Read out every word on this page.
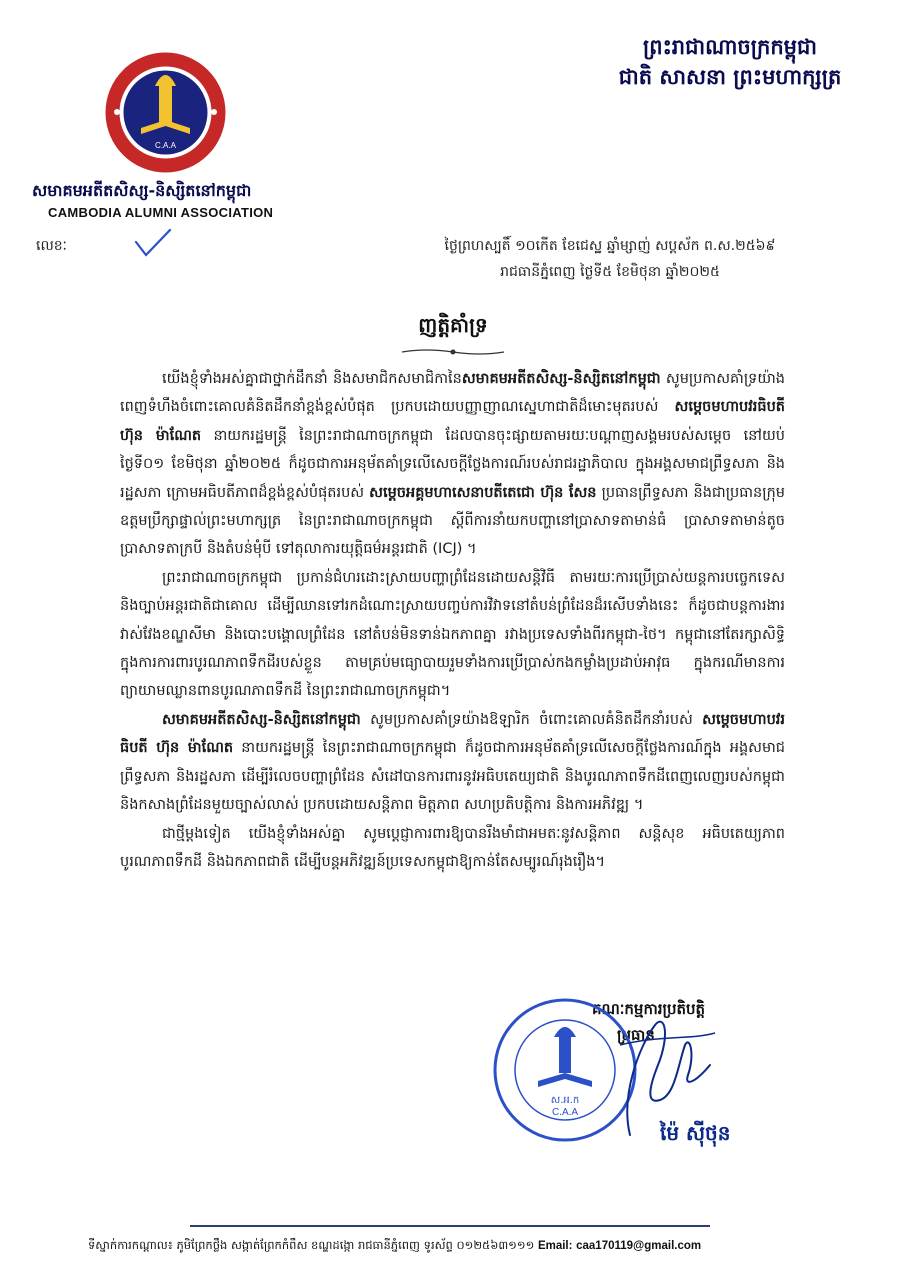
ព្រះរាជាណាចក្រកម្ពុជា
ជាតិ សាសនា ព្រះមហាក្សត្រ
C.A.A
សមាគមអតីតសិស្ស-និស្សិតនៅកម្ពុជា
CAMBODIA ALUMNI ASSOCIATION
លេខៈ	ថ្ងៃព្រហស្បតិ៍ ១០កើត ខែជេស្ឋ ឆ្នាំម្សាញ់ សប្តស័ក ព.ស.២៥៦៩
រាជធានីភ្នំពេញ ថ្ងៃទី៥ ខែមិថុនា ឆ្នាំ២០២៥
ញត្តិគាំទ្រ

យើងខ្ញុំទាំងអស់គ្នាជាថ្នាក់ដឹកនាំ និងសមាជិកសមាជិកានៃសមាគមអតីតសិស្ស-និស្សិតនៅកម្ពុជា សូមប្រកាសគាំទ្រយ៉ាងពេញទំហឹងចំពោះគោលគំនិតដឹកនាំខ្ពង់ខ្ពស់បំផុត ប្រកបដោយបញ្ញាញាណស្នេហាជាតិដ៏មោះមុតរបស់ សម្តេចមហាបវរធិបតី ហ៊ុន ម៉ាណែត នាយករដ្ឋមន្ត្រី នៃព្រះរាជាណាចក្រកម្ពុជា ដែលបានចុះផ្សាយតាមរយៈបណ្តាញសង្គមរបស់សម្តេច នៅយប់ថ្ងៃទី០១ ខែមិថុនា ឆ្នាំ២០២៥ ក៏ដូចជាការអនុម័តគាំទ្រលើសេចក្តីថ្លែងការណ៍របស់រាជរដ្ឋាភិបាល ក្នុងអង្គសមាជព្រឹទ្ធសភា និងរដ្ឋសភា ក្រោមអធិបតីភាពដ៏ខ្ពង់ខ្ពស់បំផុតរបស់ សម្តេចអគ្គមហាសេនាបតីតេជោ ហ៊ុន សែន ប្រធានព្រឹទ្ធសភា និងជាប្រធានក្រុមឧត្តមប្រឹក្សាផ្ទាល់ព្រះមហាក្សត្រ នៃព្រះរាជាណាចក្រកម្ពុជា ស្តីពីការនាំយកបញ្ហានៅប្រាសាទតាមាន់ធំ ប្រាសាទតាមាន់តូច ប្រាសាទតាក្របី និងតំបន់មុំបី ទៅតុលាការយុត្តិធម៌អន្តរជាតិ (ICJ) ។

ព្រះរាជាណាចក្រកម្ពុជា ប្រកាន់ជំហរដោះស្រាយបញ្ហាព្រំដែនដោយសន្តិវិធី តាមរយៈការប្រើប្រាស់យន្តការបច្ចេកទេស និងច្បាប់អន្តរជាតិជាគោល ដើម្បីឈានទៅរកដំណោះស្រាយបញ្ចប់ការវិវាទនៅតំបន់ព្រំដែនដ៏រសើបទាំងនេះ ក៏ដូចជាបន្តការងារវាស់វែងខណ្ឌសីមា និងបោះបង្គោលព្រំដែន នៅតំបន់មិនទាន់ឯកភាពគ្នា រវាងប្រទេសទាំងពីរកម្ពុជា-ថៃ។ កម្ពុជានៅតែរក្សាសិទ្ធិក្នុងការការពារបូរណភាពទឹកដីរបស់ខ្លួន តាមគ្រប់មធ្យោបាយរួមទាំងការប្រើប្រាស់កងកម្លាំងប្រដាប់អាវុធ ក្នុងករណីមានការព្យាយាមឈ្លានពានបូរណភាពទឹកដី នៃព្រះរាជាណាចក្រកម្ពុជា។

សមាគមអតីតសិស្ស-និស្សិតនៅកម្ពុជា សូមប្រកាសគាំទ្រយ៉ាងឱឡារិក ចំពោះគោលគំនិតដឹកនាំរបស់ សម្តេចមហាបវរធិបតី ហ៊ុន ម៉ាណែត នាយករដ្ឋមន្ត្រី នៃព្រះរាជាណាចក្រកម្ពុជា ក៏ដូចជាការអនុម័តគាំទ្រលើសេចក្តីថ្លែងការណ៍ក្នុង អង្គសមាជព្រឹទ្ធសភា និងរដ្ឋសភា ដើម្បីរំលេចបញ្ហាព្រំដែន សំដៅបានការពារនូវអធិបតេយ្យជាតិ និងបូរណភាពទឹកដីពេញលេញរបស់កម្ពុជា និងកសាងព្រំដែនមួយច្បាស់លាស់ ប្រកបដោយសន្តិភាព មិត្តភាព សហប្រតិបត្តិការ និងការអភិវឌ្ឍ ។

ជាថ្មីម្តងទៀត យើងខ្ញុំទាំងអស់គ្នា សូមប្តេជ្ញាការពារឱ្យបានរឹងមាំជាអមតៈនូវសន្តិភាព សន្តិសុខ អធិបតេយ្យភាព បូរណភាពទឹកដី និងឯកភាពជាតិ ដើម្បីបន្តអភិវឌ្ឍន៍ប្រទេសកម្ពុជាឱ្យកាន់តែសម្បូរណ៍រុងរឿង។

គណៈកម្មការប្រតិបត្តិ
ប្រធាន
ស.អ.ក
C.A.A
ម៉ៃ ស៊ីថុន
ទីស្នាក់ការកណ្តាល៖ ភូមិព្រែកថ្លឹង សង្កាត់ព្រែកកំពឹស ខណ្ឌដង្កោ រាជធានីភ្នំពេញ ទូរស័ព្ទ ០១២៥៦៣១១១ Email: caa170119@gmail.com
